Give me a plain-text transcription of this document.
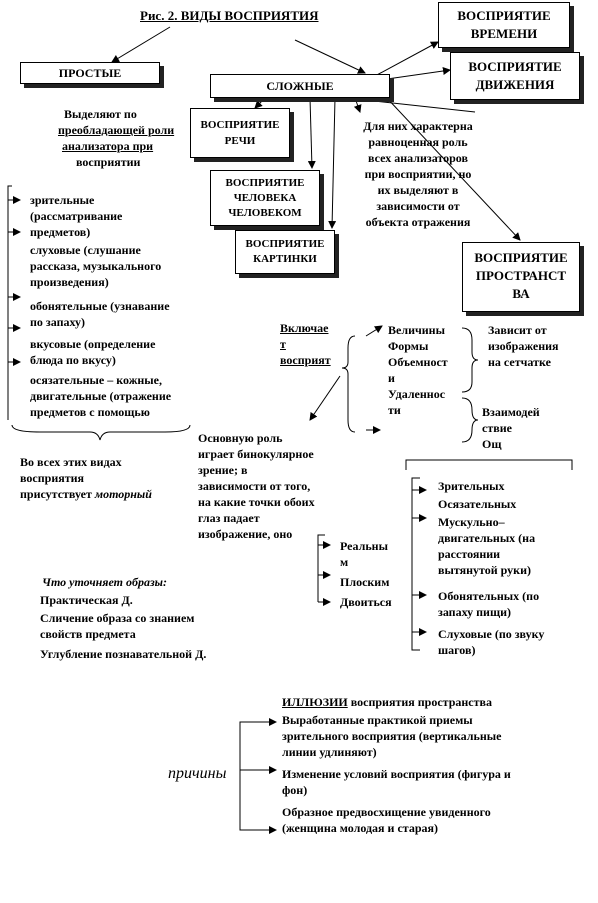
Рис. 2. ВИДЫ ВОСПРИЯТИЯ
ПРОСТЫЕ
СЛОЖНЫЕ
ВОСПРИЯТИЕ
ВРЕМЕНИ
ВОСПРИЯТИЕ
ДВИЖЕНИЯ
ВОСПРИЯТИЕ
РЕЧИ
ВОСПРИЯТИЕ
ЧЕЛОВЕКА
ЧЕЛОВЕКОМ
ВОСПРИЯТИЕ
КАРТИНКИ	ВОСПРИЯТИЕ
ПРОСТРАНСТ
ВА
Выделяют по
преобладающей роли
анализатора при
восприятии
зрительные
(рассматривание
предметов)
слуховые (слушание
рассказа, музыкального
произведения)
обонятельные (узнавание
по запаху)
вкусовые (определение
блюда по вкусу)
осязательные – кожные,
двигательные (отражение
предметов с помощью
Во всех этих видах
восприятия
присутствует моторный
Для них характерна
равноценная роль
всех анализаторов
при восприятии, но
их выделяют в
зависимости от
объекта отражения
Включае
т
восприят
Величины
Формы
Объемност
и
Удаленнос
ти
Зависит от
изображения
на сетчатке
Взаимодей
ствие
Ощ
Основную роль
играет бинокулярное
зрение; в
зависимости от того,
на какие точки обоих
глаз падает
изображение, оно
Реальны
м
Плоским
Двоиться
Зрительных
Осязательных
Мускульно–
двигательных (на
расстоянии
вытянутой руки)
Обонятельных (по
запаху пищи)
Слуховые (по звуку
шагов)
Что уточняет образы:
Практическая Д.
Сличение образа со знанием
свойств предмета
Углубление познавательной Д.
ИЛЛЮЗИИ восприятия пространства
причины
Выработанные практикой приемы
зрительного восприятия (вертикальные
линии удлиняют)
Изменение условий восприятия (фигура и
фон)
Образное предвосхищение увиденного
(женщина молодая и старая)
